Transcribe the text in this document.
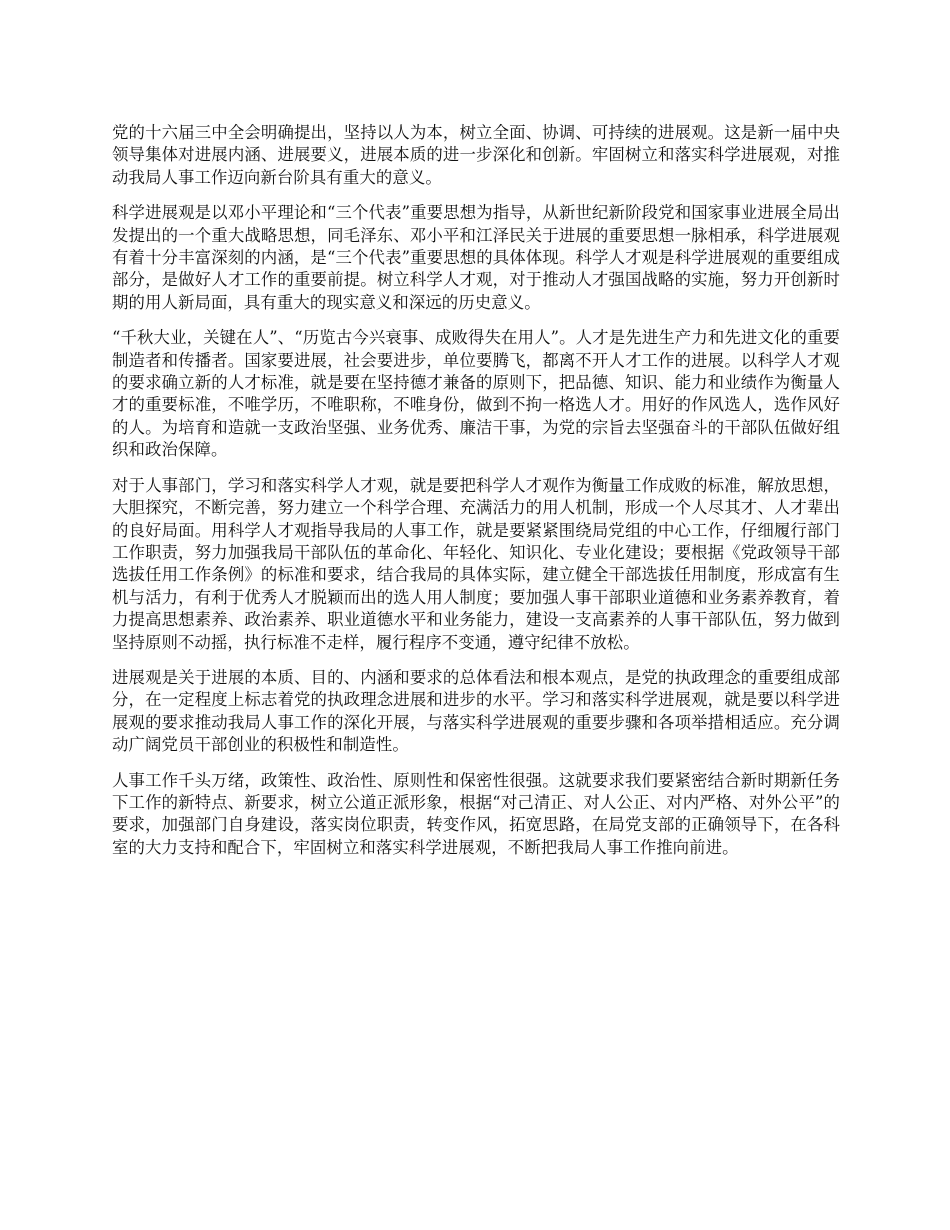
党的十六届三中全会明确提出，坚持以人为本，树立全面、协调、可持续的进展观。这是新一届中央领导集体对进展内涵、进展要义，进展本质的进一步深化和创新。牢固树立和落实科学进展观，对推动我局人事工作迈向新台阶具有重大的意义。

科学进展观是以邓小平理论和“三个代表”重要思想为指导，从新世纪新阶段党和国家事业进展全局出发提出的一个重大战略思想，同毛泽东、邓小平和江泽民关于进展的重要思想一脉相承，科学进展观有着十分丰富深刻的内涵，是“三个代表”重要思想的具体体现。科学人才观是科学进展观的重要组成部分，是做好人才工作的重要前提。树立科学人才观，对于推动人才强国战略的实施，努力开创新时期的用人新局面，具有重大的现实意义和深远的历史意义。

“千秋大业，关键在人”、“历览古今兴衰事、成败得失在用人”。人才是先进生产力和先进文化的重要制造者和传播者。国家要进展，社会要进步，单位要腾飞，都离不开人才工作的进展。以科学人才观的要求确立新的人才标准，就是要在坚持德才兼备的原则下，把品德、知识、能力和业绩作为衡量人才的重要标准，不唯学历，不唯职称，不唯身份，做到不拘一格选人才。用好的作风选人，选作风好的人。为培育和造就一支政治坚强、业务优秀、廉洁干事，为党的宗旨去坚强奋斗的干部队伍做好组织和政治保障。

对于人事部门，学习和落实科学人才观，就是要把科学人才观作为衡量工作成败的标准，解放思想，大胆探究，不断完善，努力建立一个科学合理、充满活力的用人机制，形成一个人尽其才、人才辈出的良好局面。用科学人才观指导我局的人事工作，就是要紧紧围绕局党组的中心工作，仔细履行部门工作职责，努力加强我局干部队伍的革命化、年轻化、知识化、专业化建设；要根据《党政领导干部选拔任用工作条例》的标准和要求，结合我局的具体实际，建立健全干部选拔任用制度，形成富有生机与活力，有利于优秀人才脱颖而出的选人用人制度；要加强人事干部职业道德和业务素养教育，着力提高思想素养、政治素养、职业道德水平和业务能力，建设一支高素养的人事干部队伍，努力做到坚持原则不动摇，执行标准不走样，履行程序不变通，遵守纪律不放松。

进展观是关于进展的本质、目的、内涵和要求的总体看法和根本观点，是党的执政理念的重要组成部分，在一定程度上标志着党的执政理念进展和进步的水平。学习和落实科学进展观，就是要以科学进展观的要求推动我局人事工作的深化开展，与落实科学进展观的重要步骤和各项举措相适应。充分调动广阔党员干部创业的积极性和制造性。

人事工作千头万绪，政策性、政治性、原则性和保密性很强。这就要求我们要紧密结合新时期新任务下工作的新特点、新要求，树立公道正派形象，根据“对己清正、对人公正、对内严格、对外公平”的要求，加强部门自身建设，落实岗位职责，转变作风，拓宽思路，在局党支部的正确领导下，在各科室的大力支持和配合下，牢固树立和落实科学进展观，不断把我局人事工作推向前进。
